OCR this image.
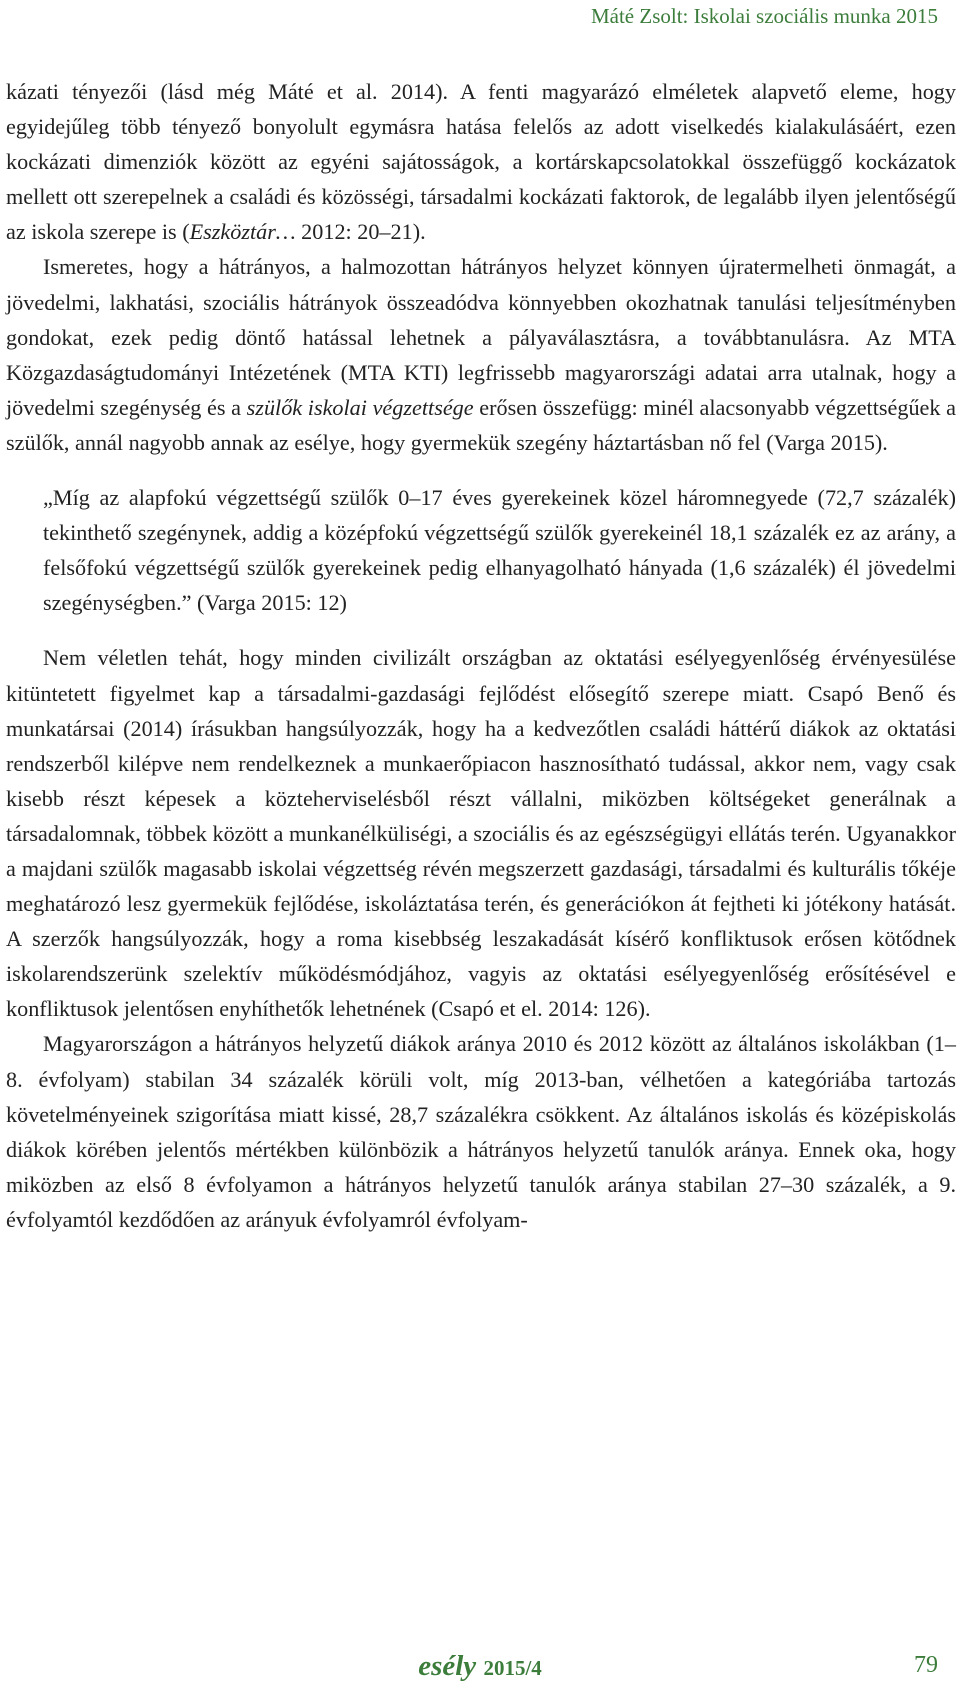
Máté Zsolt: Iskolai szociális munka 2015

kázati tényezői (lásd még Máté et al. 2014). A fenti magyarázó elméletek alapvető eleme, hogy egyidejűleg több tényező bonyolult egymásra hatása felelős az adott viselkedés kialakulásáért, ezen kockázati dimenziók között az egyéni sajátosságok, a kortárskapcsolatokkal összefüggő kockázatok mellett ott szerepelnek a családi és közösségi, társadalmi kockázati faktorok, de legalább ilyen jelentőségű az iskola szerepe is (Eszköztár… 2012: 20–21).

Ismeretes, hogy a hátrányos, a halmozottan hátrányos helyzet könnyen újratermelheti önmagát, a jövedelmi, lakhatási, szociális hátrányok összeadódva könnyebben okozhatnak tanulási teljesítményben gondokat, ezek pedig döntő hatással lehetnek a pályaválasztásra, a továbbtanulásra. Az MTA Közgazdaságtudományi Intézetének (MTA KTI) legfrissebb magyarországi adatai arra utalnak, hogy a jövedelmi szegénység és a szülők iskolai végzettsége erősen összefügg: minél alacsonyabb végzettségűek a szülők, annál nagyobb annak az esélye, hogy gyermekük szegény háztartásban nő fel (Varga 2015).

„Míg az alapfokú végzettségű szülők 0–17 éves gyerekeinek közel háromnegyede (72,7 százalék) tekinthető szegénynek, addig a középfokú végzettségű szülők gyerekeinél 18,1 százalék ez az arány, a felsőfokú végzettségű szülők gyerekeinek pedig elhanyagolható hányada (1,6 százalék) él jövedelmi szegénységben.” (Varga 2015: 12)

Nem véletlen tehát, hogy minden civilizált országban az oktatási esélyegyenlőség érvényesülése kitüntetett figyelmet kap a társadalmi-gazdasági fejlődést elősegítő szerepe miatt. Csapó Benő és munkatársai (2014) írásukban hangsúlyozzák, hogy ha a kedvezőtlen családi háttérű diákok az oktatási rendszerből kilépve nem rendelkeznek a munkaerőpiacon hasznosítható tudással, akkor nem, vagy csak kisebb részt képesek a közteherviselésből részt vállalni, miközben költségeket generálnak a társadalomnak, többek között a munkanélküliségi, a szociális és az egészségügyi ellátás terén. Ugyanakkor a majdani szülők magasabb iskolai végzettség révén megszerzett gazdasági, társadalmi és kulturális tőkéje meghatározó lesz gyermekük fejlődése, iskoláztatása terén, és generációkon át fejtheti ki jótékony hatását. A szerzők hangsúlyozzák, hogy a roma kisebbség leszakadását kísérő konfliktusok erősen kötődnek iskolarendszerünk szelektív működésmódjához, vagyis az oktatási esélyegyenlőség erősítésével e konfliktusok jelentősen enyhíthetők lehetnének (Csapó et el. 2014: 126).

Magyarországon a hátrányos helyzetű diákok aránya 2010 és 2012 között az általános iskolákban (1–8. évfolyam) stabilan 34 százalék körüli volt, míg 2013-ban, vélhetően a kategóriába tartozás követelményeinek szigorítása miatt kissé, 28,7 százalékra csökkent. Az általános iskolás és középiskolás diákok körében jelentős mértékben különbözik a hátrányos helyzetű tanulók aránya. Ennek oka, hogy miközben az első 8 évfolyamon a hátrányos helyzetű tanulók aránya stabilan 27–30 százalék, a 9. évfolyamtól kezdődően az arányuk évfolyamról évfolyam-

esély 2015/4	79
